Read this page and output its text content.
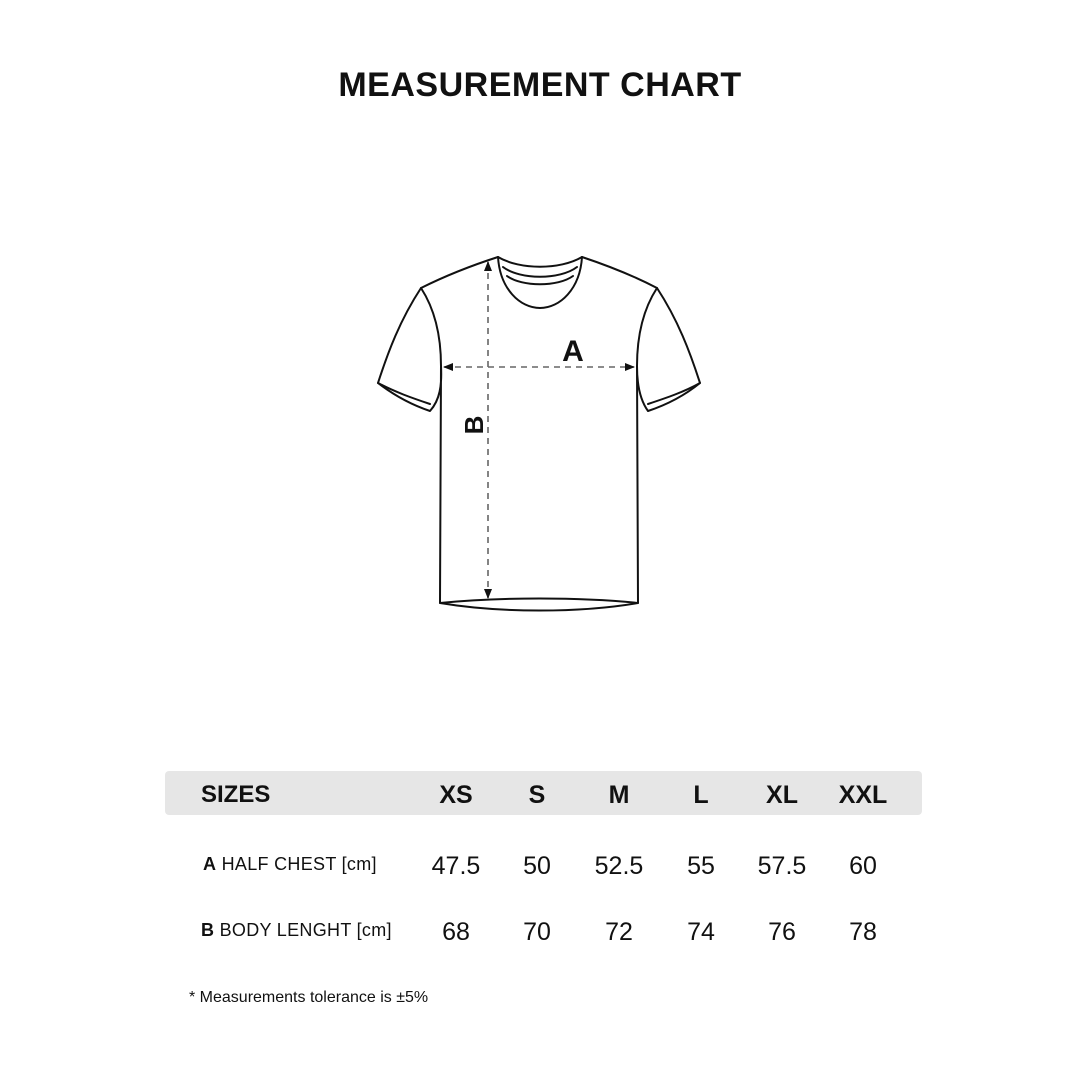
MEASUREMENT CHART
A
B
SIZES	XS	S	M	L	XL	XXL
A HALF CHEST [cm]	47.5	50	52.5	55	57.5	60
B BODY LENGHT [cm]	68	70	72	74	76	78
* Measurements tolerance is ±5%
